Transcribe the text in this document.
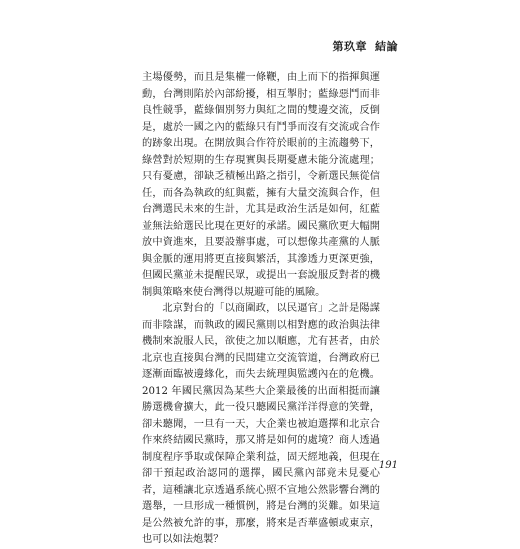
第玖章 結論

主場優勢，而且是集權一條鞭，由上而下的指揮與運動，台灣則陷於內部紛擾，相互掣肘；藍綠惡鬥而非良性競爭，藍綠個別努力與紅之間的雙邊交流，反倒是，處於一國之內的藍綠只有鬥爭而沒有交流或合作的跡象出現。在開放與合作符於眼前的主流趨勢下，綠營對於短期的生存現實與長期憂慮未能分流處理；只有憂慮，卻缺乏積極出路之指引，令新選民無從信任，而各為執政的紅與藍，擁有大量交流與合作，但台灣選民未來的生計，尤其是政治生活是如何，紅藍並無法給選民比現在更好的承諾。國民黨欣更大幅開放中資進來，且要設辦事處，可以想像共產黨的人脈與金脈的運用將更直接與繁活，其滲透力更深更強，但國民黨並未提醒民眾，或提出一套說服反對者的機制與策略來使台灣得以規避可能的風險。

北京對台的「以商圍政，以民逼官」之計是陽謀而非陰謀，而執政的國民黨則以相對應的政治與法律機制來說服人民，欲使之加以順應，尤有甚者，由於北京也直接與台灣的民間建立交流管道，台灣政府已逐漸面臨被邊緣化，而失去統理與監護內在的危機。2012 年國民黨因為某些大企業最後的出面相挺而讓勝選機會擴大，此一役只聽國民黨洋洋得意的笑聲，卻未聽聞，一旦有一天，大企業也被迫選擇和北京合作來終結國民黨時，那又將是如何的處境？商人透過制度程序爭取或保障企業利益，固天經地義，但現在卻干預起政治認同的選擇，國民黨內部竟未見憂心者，這種讓北京透過系統心照不宣地公然影響台灣的選舉，一旦形成一種慣例，將是台灣的災難。如果這是公然被允許的事，那麼，將來是否華盛頓或東京，也可以如法炮製？

191
